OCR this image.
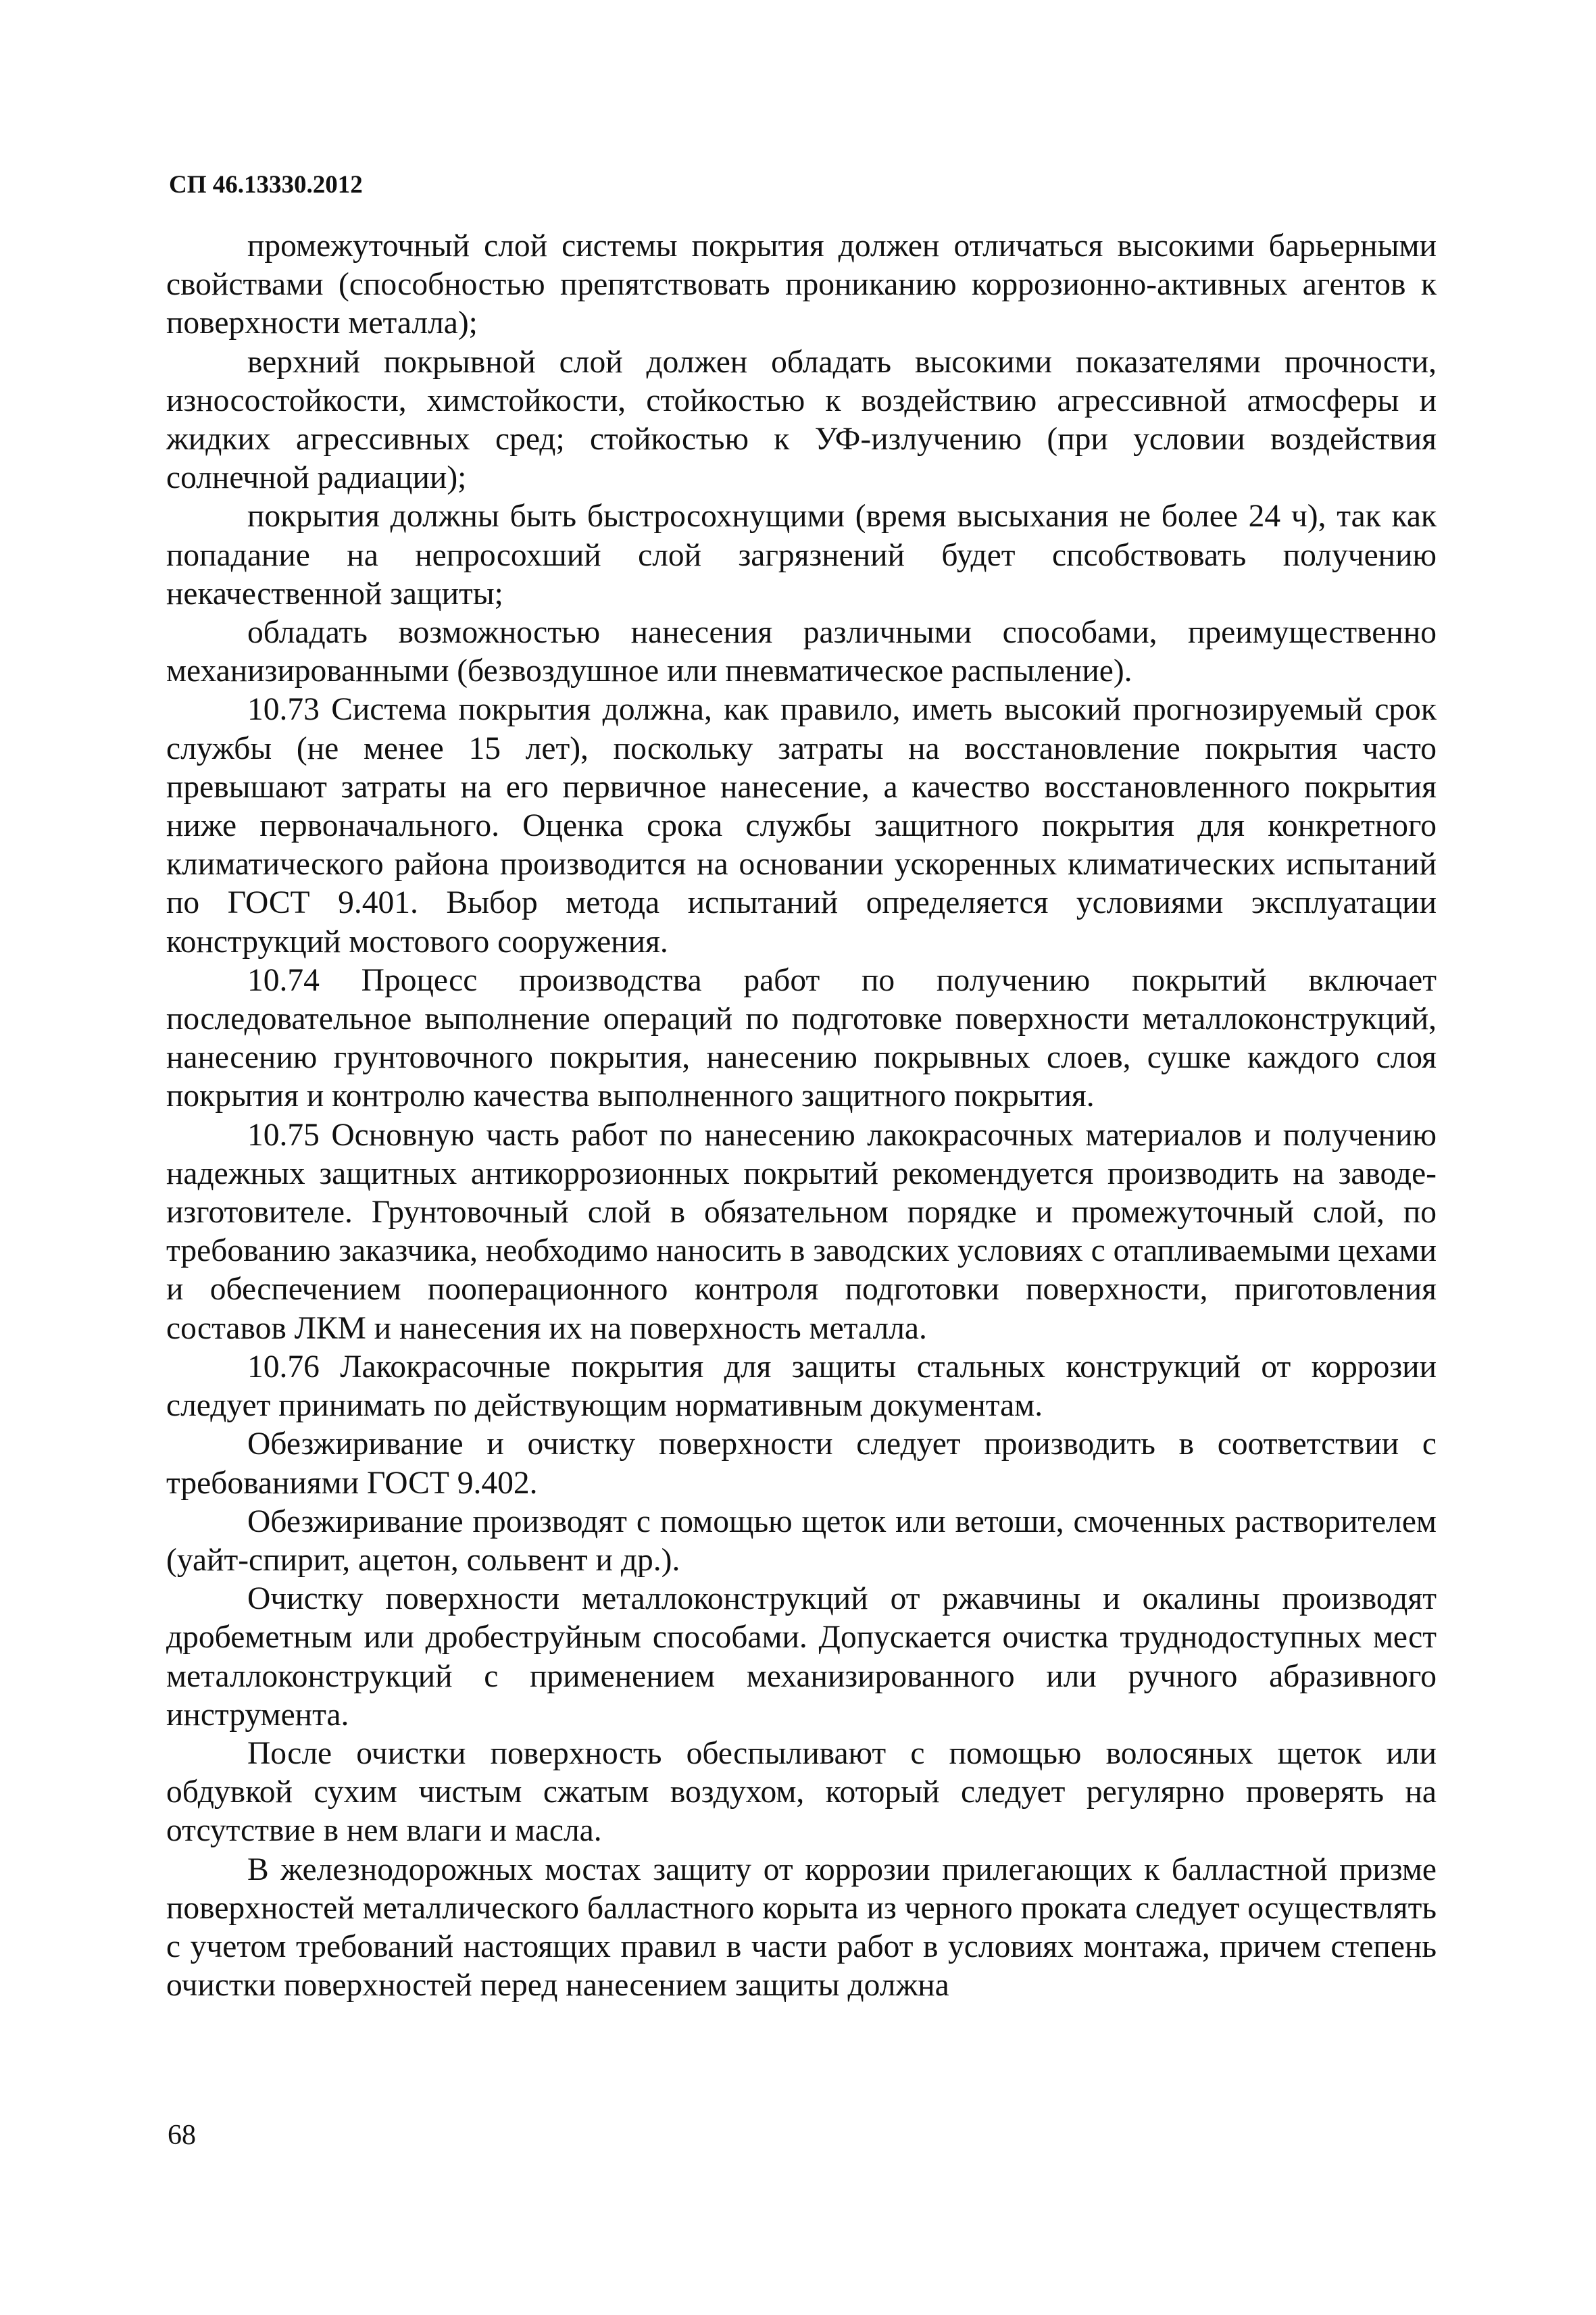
СП 46.13330.2012

промежуточный слой системы покрытия должен отличаться высокими барьерными свойствами (способностью препятствовать прониканию коррозионно-активных агентов к поверхности металла);

верхний покрывной слой должен обладать высокими показателями прочности, износостойкости, химстойкости, стойкостью к воздействию агрессивной атмосферы и жидких агрессивных сред; стойкостью к УФ-излучению (при условии воздействия солнечной радиации);

покрытия должны быть быстросохнущими (время высыхания не более 24 ч), так как попадание на непросохший слой загрязнений будет спсобствовать получению некачественной защиты;

обладать возможностью нанесения различными способами, преимущественно механизированными (безвоздушное или пневматическое распыление).

10.73 Система покрытия должна, как правило, иметь высокий прогнозируемый срок службы (не менее 15 лет), поскольку затраты на восстановление покрытия часто превышают затраты на его первичное нанесение, а качество восстановленного покрытия ниже первоначального. Оценка срока службы защитного покрытия для конкретного климатического района производится на основании ускоренных климатических испытаний по ГОСТ 9.401. Выбор метода испытаний определяется условиями эксплуатации конструкций мостового сооружения.

10.74 Процесс производства работ по получению покрытий включает последовательное выполнение операций по подготовке поверхности металлоконструкций, нанесению грунтовочного покрытия, нанесению покрывных слоев, сушке каждого слоя покрытия и контролю качества выполненного защитного покрытия.

10.75 Основную часть работ по нанесению лакокрасочных материалов и получению надежных защитных антикоррозионных покрытий рекомендуется производить на заводе-изготовителе. Грунтовочный слой в обязательном порядке и промежуточный слой, по требованию заказчика, необходимо наносить в заводских условиях с отапливаемыми цехами и обеспечением пооперационного контроля подготовки поверхности, приготовления составов ЛКМ и нанесения их на поверхность металла.

10.76 Лакокрасочные покрытия для защиты стальных конструкций от коррозии следует принимать по действующим нормативным документам.

Обезжиривание и очистку поверхности следует производить в соответствии с требованиями ГОСТ 9.402.

Обезжиривание производят с помощью щеток или ветоши, смоченных растворителем (уайт-спирит, ацетон, сольвент и др.).

Очистку поверхности металлоконструкций от ржавчины и окалины производят дробеметным или дробеструйным способами. Допускается очистка труднодоступных мест металлоконструкций с применением механизированного или ручного абразивного инструмента.

После очистки поверхность обеспыливают с помощью волосяных щеток или обдувкой сухим чистым сжатым воздухом, который следует регулярно проверять на отсутствие в нем влаги и масла.

В железнодорожных мостах защиту от коррозии прилегающих к балластной призме поверхностей металлического балластного корыта из черного проката следует осуществлять с учетом требований настоящих правил в части работ в условиях монтажа, причем степень очистки поверхностей перед нанесением защиты должна

68
